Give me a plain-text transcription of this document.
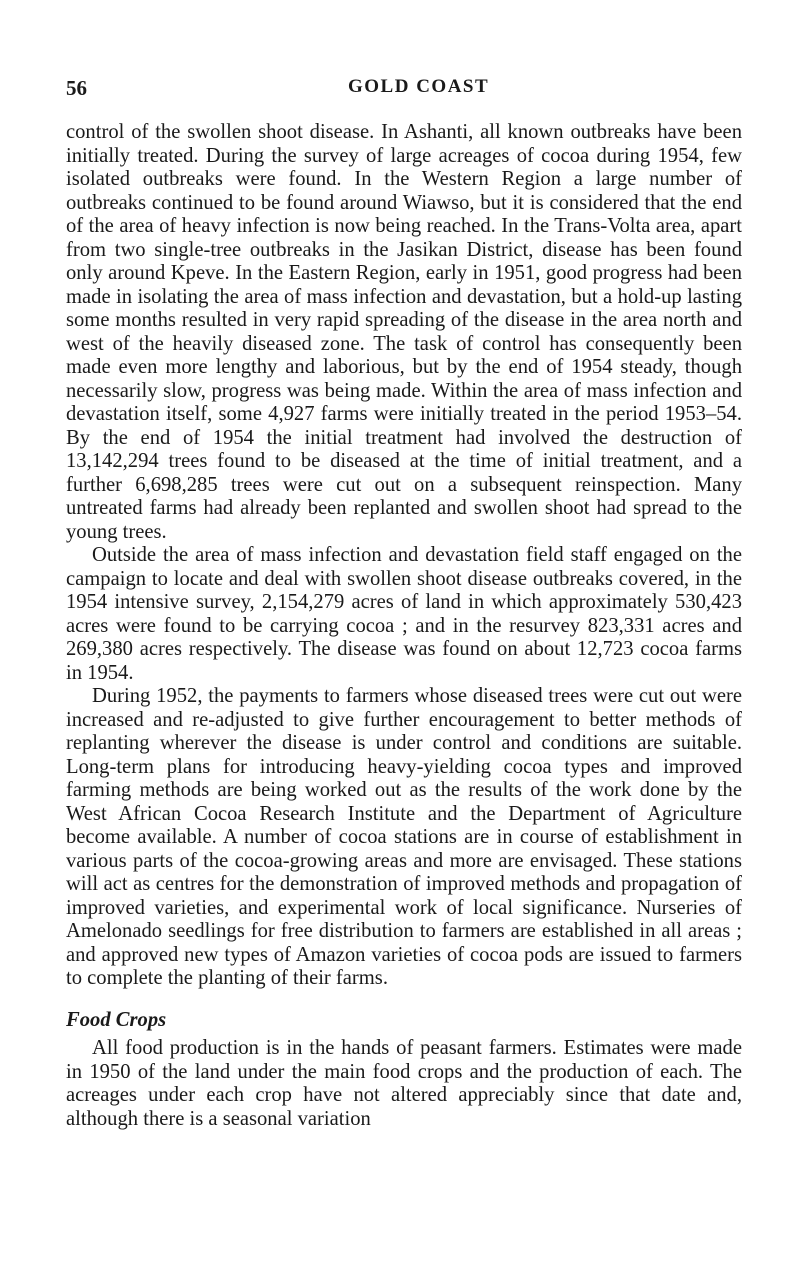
56	GOLD COAST

control of the swollen shoot disease. In Ashanti, all known outbreaks have been initially treated. During the survey of large acreages of cocoa during 1954, few isolated outbreaks were found. In the Western Region a large number of outbreaks continued to be found around Wiawso, but it is considered that the end of the area of heavy infection is now being reached. In the Trans-Volta area, apart from two single-tree outbreaks in the Jasikan District, disease has been found only around Kpeve. In the Eastern Region, early in 1951, good progress had been made in isolating the area of mass infection and devastation, but a hold-up lasting some months resulted in very rapid spreading of the disease in the area north and west of the heavily diseased zone. The task of control has consequently been made even more lengthy and laborious, but by the end of 1954 steady, though necessarily slow, progress was being made. Within the area of mass infection and devastation itself, some 4,927 farms were initially treated in the period 1953–54. By the end of 1954 the initial treatment had involved the destruction of 13,142,294 trees found to be diseased at the time of initial treatment, and a further 6,698,285 trees were cut out on a subsequent reinspection. Many untreated farms had already been replanted and swollen shoot had spread to the young trees.

Outside the area of mass infection and devastation field staff engaged on the campaign to locate and deal with swollen shoot disease outbreaks covered, in the 1954 intensive survey, 2,154,279 acres of land in which approximately 530,423 acres were found to be carrying cocoa ; and in the resurvey 823,331 acres and 269,380 acres respectively. The disease was found on about 12,723 cocoa farms in 1954.

During 1952, the payments to farmers whose diseased trees were cut out were increased and re-adjusted to give further encouragement to better methods of replanting wherever the disease is under control and conditions are suitable. Long-term plans for introducing heavy-yielding cocoa types and improved farming methods are being worked out as the results of the work done by the West African Cocoa Research Institute and the Department of Agriculture become available. A number of cocoa stations are in course of establishment in various parts of the cocoa-growing areas and more are envisaged. These stations will act as centres for the demonstration of improved methods and propagation of improved varieties, and experimental work of local significance. Nurseries of Amelonado seedlings for free distribution to farmers are established in all areas ; and approved new types of Amazon varieties of cocoa pods are issued to farmers to complete the planting of their farms.

Food Crops

All food production is in the hands of peasant farmers. Estimates were made in 1950 of the land under the main food crops and the production of each. The acreages under each crop have not altered appreciably since that date and, although there is a seasonal variation
